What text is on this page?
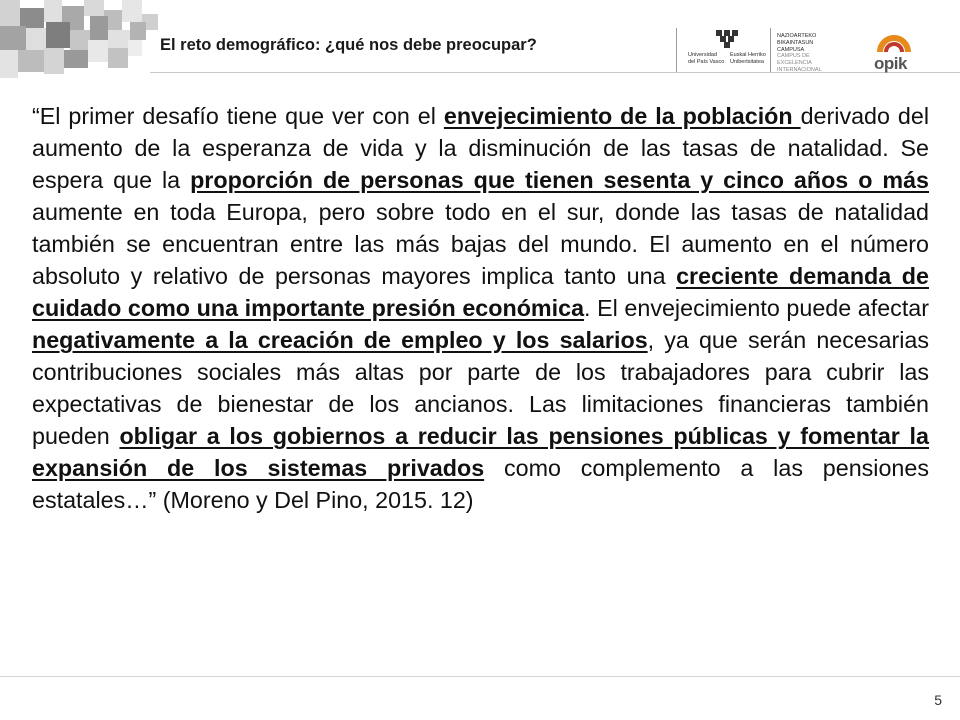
El reto demográfico: ¿qué nos debe preocupar?
Universidad
del País Vasco
Euskal Herriko
Unibertsitatea
NAZIOARTEKO
BIKAINTASUN
CAMPUSA
CAMPUS DE
EXCELENCIA
INTERNACIONAL	opik

“El primer desafío tiene que ver con el envejecimiento de la población derivado del aumento de la esperanza de vida y la disminución de las tasas de natalidad. Se espera que la proporción de personas que tienen sesenta y cinco años o más aumente en toda Europa, pero sobre todo en el sur, donde las tasas de natalidad también se encuentran entre las más bajas del mundo. El aumento en el número absoluto y relativo de personas mayores implica tanto una creciente demanda de cuidado como una importante presión económica. El envejecimiento puede afectar negativamente a la creación de empleo y los salarios, ya que serán necesarias contribuciones sociales más altas por parte de los trabajadores para cubrir las expectativas de bienestar de los ancianos. Las limitaciones financieras también pueden obligar a los gobiernos a reducir las pensiones públicas y fomentar la expansión de los sistemas privados como complemento a las pensiones estatales…” (Moreno y Del Pino, 2015. 12)

5
